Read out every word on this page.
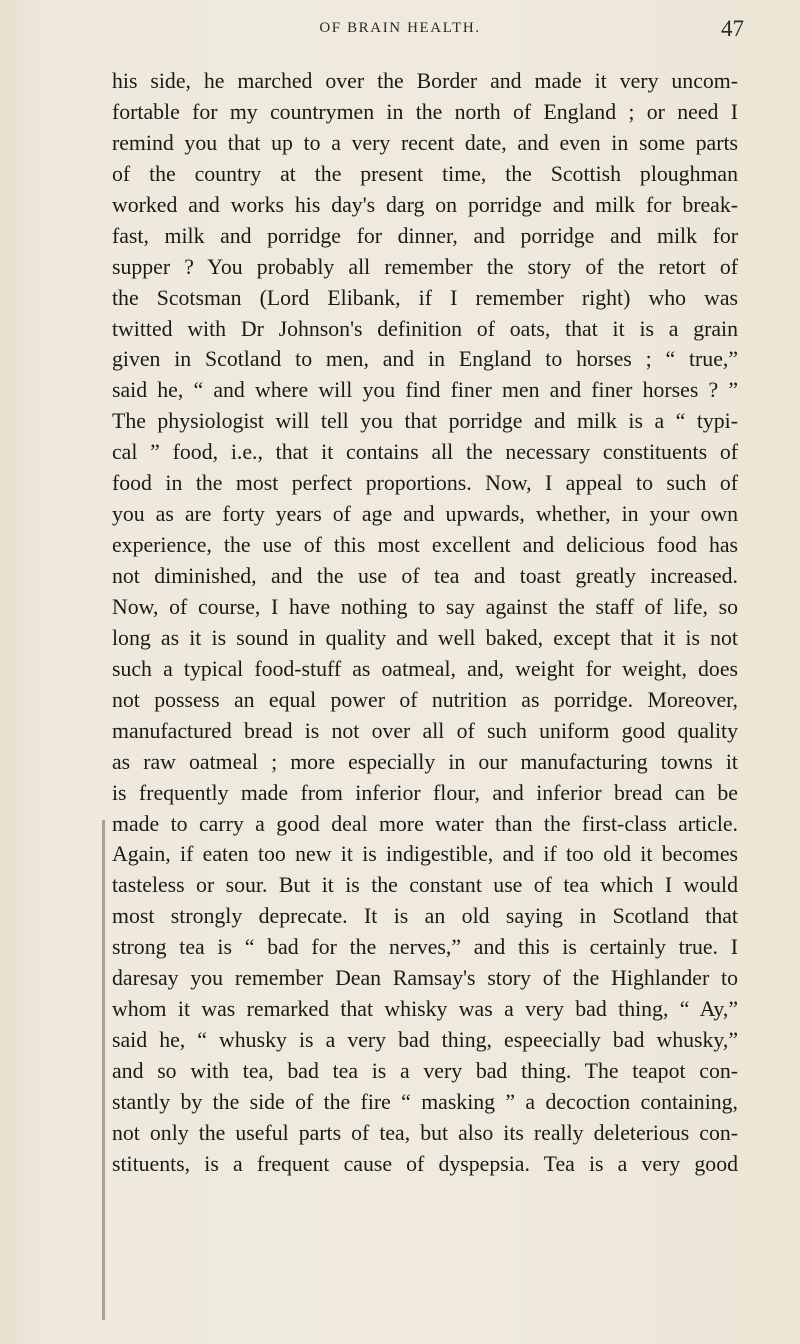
OF BRAIN HEALTH.	47
his side, he marched over the Border and made it very uncom-
fortable for my countrymen in the north of England ; or need I
remind you that up to a very recent date, and even in some parts
of the country at the present time, the Scottish ploughman
worked and works his day's darg on porridge and milk for break-
fast, milk and porridge for dinner, and porridge and milk for
supper ? You probably all remember the story of the retort of
the Scotsman (Lord Elibank, if I remember right) who was
twitted with Dr Johnson's definition of oats, that it is a grain
given in Scotland to men, and in England to horses ; “ true,”
said he, “ and where will you find finer men and finer horses ? ”
The physiologist will tell you that porridge and milk is a “ typi-
cal ” food, i.e., that it contains all the necessary constituents of
food in the most perfect proportions. Now, I appeal to such of
you as are forty years of age and upwards, whether, in your own
experience, the use of this most excellent and delicious food has
not diminished, and the use of tea and toast greatly increased.
Now, of course, I have nothing to say against the staff of life, so
long as it is sound in quality and well baked, except that it is not
such a typical food-stuff as oatmeal, and, weight for weight, does
not possess an equal power of nutrition as porridge. Moreover,
manufactured bread is not over all of such uniform good quality
as raw oatmeal ; more especially in our manufacturing towns it
is frequently made from inferior flour, and inferior bread can be
made to carry a good deal more water than the first-class article.
Again, if eaten too new it is indigestible, and if too old it becomes
tasteless or sour. But it is the constant use of tea which I would
most strongly deprecate. It is an old saying in Scotland that
strong tea is “ bad for the nerves,” and this is certainly true. I
daresay you remember Dean Ramsay's story of the Highlander to
whom it was remarked that whisky was a very bad thing, “ Ay,”
said he, “ whusky is a very bad thing, espeecially bad whusky,”
and so with tea, bad tea is a very bad thing. The teapot con-
stantly by the side of the fire “ masking ” a decoction containing,
not only the useful parts of tea, but also its really deleterious con-
stituents, is a frequent cause of dyspepsia. Tea is a very good
